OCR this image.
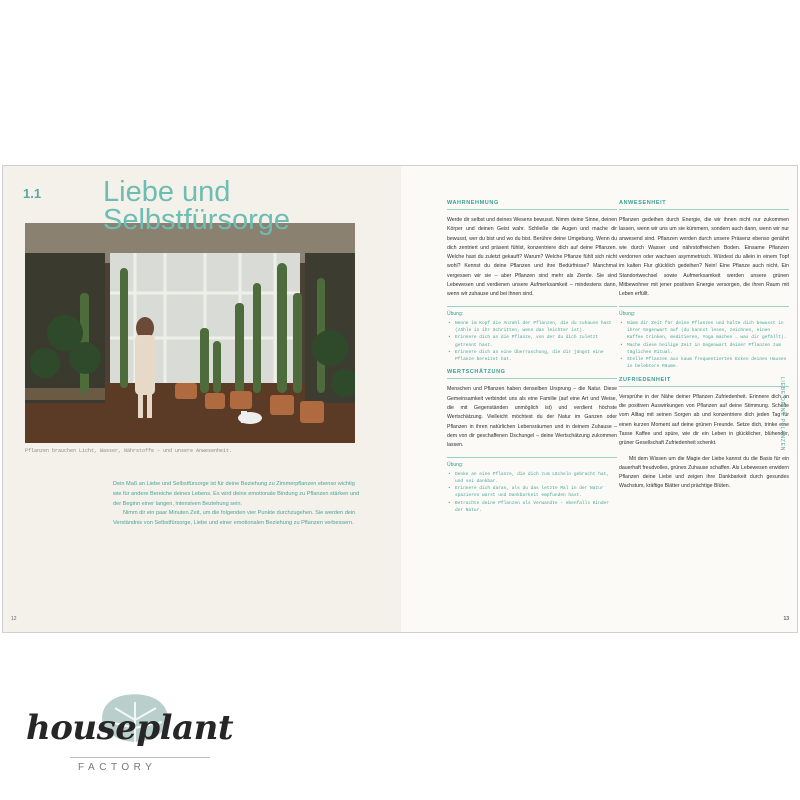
1.1 Liebe und
Selbstfürsorge
Pflanzen brauchen Licht, Wasser, Nährstoffe – und unsere Anwesenheit.

Dein Maß an Liebe und Selbstfürsorge ist für deine Beziehung zu Zimmerpflanzen ebenso wichtig wie für andere Bereiche deines Lebens. Es wird deine emotionale Bindung zu Pflanzen stärken und der Beginn einer langen, intensiven Beziehung sein.

Nimm dir ein paar Minuten Zeit, um die folgenden vier Punkte durchzugehen. Sie werden dein Verständnis von Selbstfürsorge, Liebe und einer emotionalen Beziehung zu Pflanzen verbessern.

12
WAHRNEHMUNG

Werde dir selbst und deines Wesens bewusst. Nimm deine Sinne, deinen Körper und deinen Geist wahr. Schließe die Augen und mache dir bewusst, wer du bist und wo du bist. Berühre deine Umgebung. Wenn du dich zentriert und präsent fühlst, konzentriere dich auf deine Pflanzen. Welche hast du zuletzt gekauft? Warum? Welche Pflanze fühlt sich nicht wohl? Kennst du deine Pflanzen und ihre Bedürfnisse? Manchmal vergessen wir sie – aber Pflanzen sind mehr als Zierde. Sie sind Lebewesen und verdienen unsere Aufmerksamkeit – mindestens dann, wenn wir zuhause und bei ihnen sind.

Übung:
• Nenne im Kopf die Anzahl der Pflanzen, die du zuhause hast (zähle in ihr Schritten, wenn das leichter ist).
• Erinnere dich an die Pflanze, von der du dich zuletzt getrennt hast.
• Erinnere dich an eine Überraschung, die dir jüngst eine Pflanze bereitet hat.
WERTSCHÄTZUNG

Menschen und Pflanzen haben denselben Ursprung – die Natur. Diese Gemeinsamkeit verbindet uns als eine Familie (auf eine Art und Weise, die mit Gegenständen unmöglich ist) und verdient höchste Wertschätzung. Vielleicht möchtest du der Natur im Ganzen oder Pflanzen in ihren natürlichen Lebensräumen und in deinem Zuhause – dem von dir geschaffenen Dschungel – deine Wertschätzung zukommen lassen.

Übung:
• Denke an eine Pflanze, die dich zum Lächeln gebracht hat, und sei dankbar.
• Erinnere dich daran, als du das letzte Mal in der Natur spazieren warst und Dankbarkeit empfunden hast.
• Betrachte deine Pflanzen als Verwandte – ebenfalls Kinder der Natur.
ANWESENHEIT

Pflanzen gedeihen durch Energie, die wir ihnen nicht nur zukommen lassen, wenn wir uns um sie kümmern, sondern auch dann, wenn wir nur anwesend sind. Pflanzen werden durch unsere Präsenz ebenso genährt wie durch Wasser und nährstoffreichen Boden. Einsame Pflanzen verdorren oder wachsen asymmetrisch. Würdest du allein in einem Topf im kalten Flur glücklich gedeihen? Nein! Eine Pflanze auch nicht. Ein Standortwechsel sowie Aufmerksamkeit werden unsere grünen Mitbewohner mit jener positiven Energie versorgen, die ihren Raum mit Leben erfüllt.

Übung:
• Nimm dir Zeit für deine Pflanzen und halte dich bewusst in ihrer Gegenwart auf (du kannst lesen, zeichnen, einen Kaffee trinken, meditieren, Yoga machen … was dir gefällt).
• Mache diese heilige Zeit in Gegenwart deiner Pflanzen zum täglichen Ritual.
• Stelle Pflanzen aus kaum frequentierten Ecken deines Hauses in belebtere Räume.
ZUFRIEDENHEIT

Versprühe in der Nähe deiner Pflanzen Zufriedenheit. Erinnere dich an die positiven Auswirkungen von Pflanzen auf deine Stimmung. Schelte vom Alltag mit seinen Sorgen ab und konzentriere dich jeden Tag für einen kurzen Moment auf deine grünen Freunde. Setze dich, trinke eine Tasse Kaffee und spüre, wie dir ein Leben in glücklicher, blühender, grüner Gesellschaft Zufriedenheit schenkt.

Mit dem Wissen um die Magie der Liebe kannst du die Basis für ein dauerhaft freudvolles, grünes Zuhause schaffen. Als Lebewesen erwidern Pflanzen deine Liebe und zeigen ihre Dankbarkeit durch gesundes Wachstum, kräftige Blätter und prächtige Blüten.

LIEBE DEINE PFLANZEN
13
houseplant
FACTORY
